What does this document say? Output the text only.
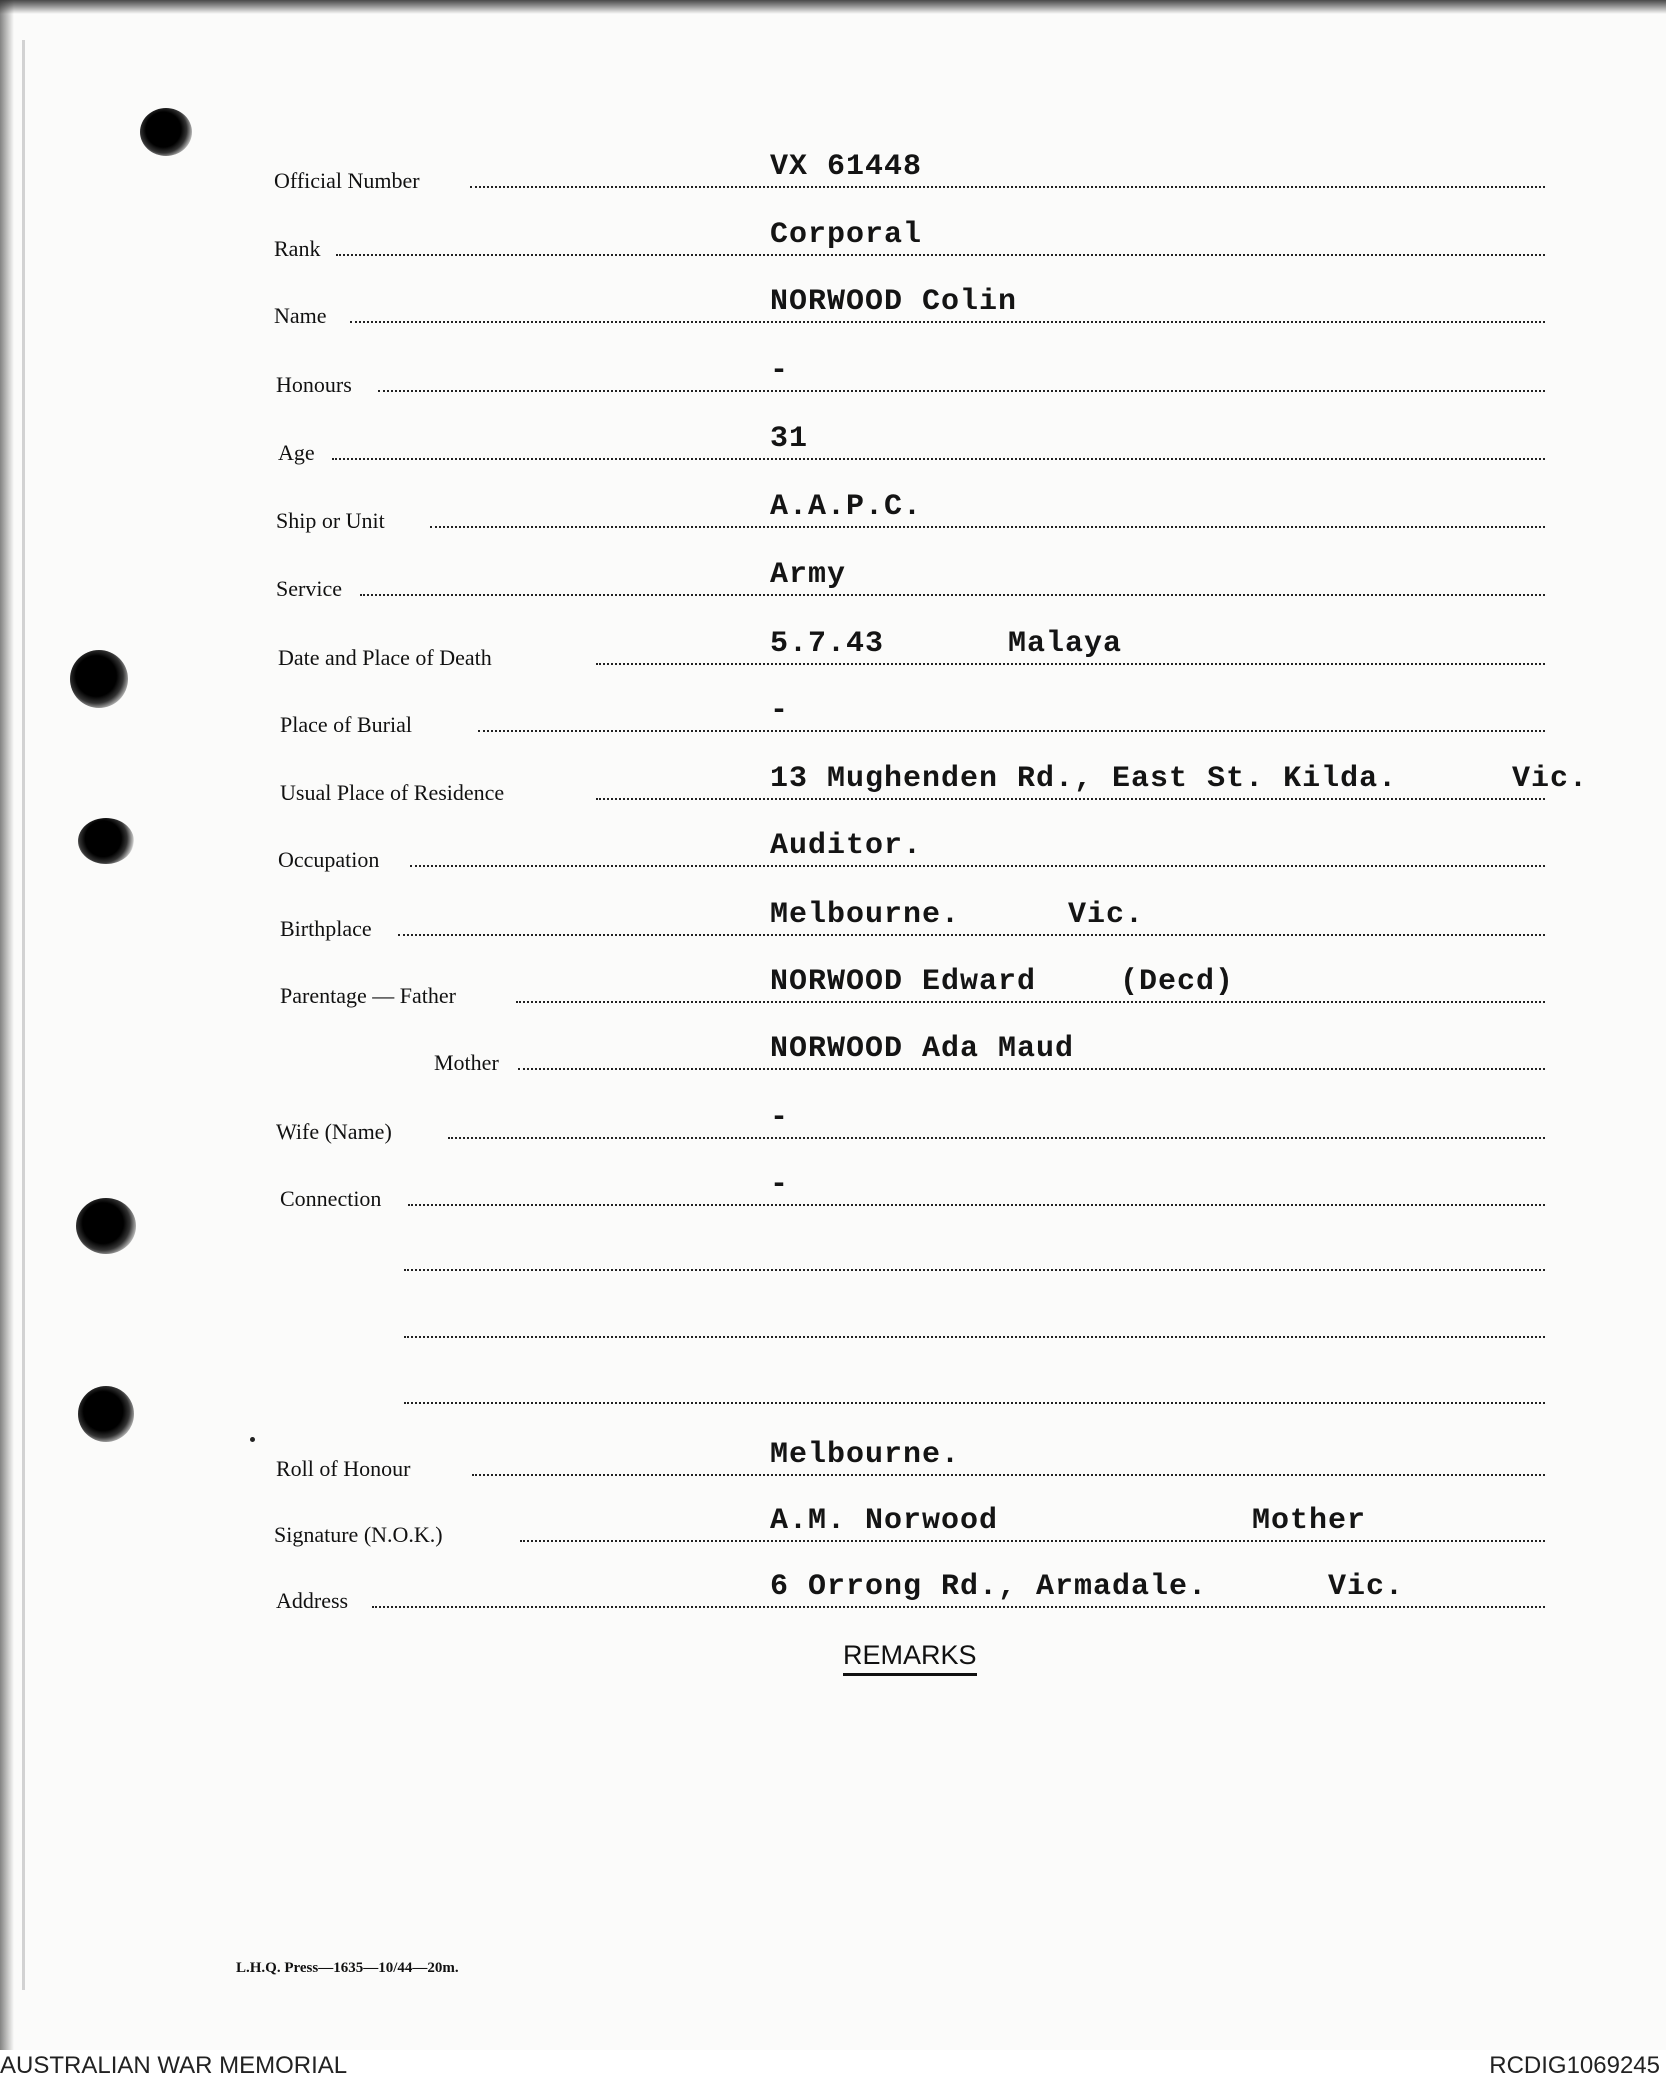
Official Number	VX 61448
Rank	Corporal
Name	NORWOOD Colin
Honours	-
Age	31
Ship or Unit	A.A.P.C.
Service	Army
Date and Place of Death	5.7.43	Malaya
Place of Burial	-
Usual Place of Residence	13 Mughenden Rd., East St. Kilda.	Vic.
Occupation	Auditor.
Birthplace	Melbourne.	Vic.
Parentage — Father	NORWOOD Edward	(Decd)
Mother	NORWOOD Ada Maud
Wife (Name)	-
Connection	-
Roll of Honour	Melbourne.
Signature (N.O.K.)	A.M. Norwood	Mother
Address	6 Orrong Rd., Armadale.	Vic.
REMARKS
L.H.Q. Press—1635—10/44—20m.
AUSTRALIAN WAR MEMORIAL	RCDIG1069245
